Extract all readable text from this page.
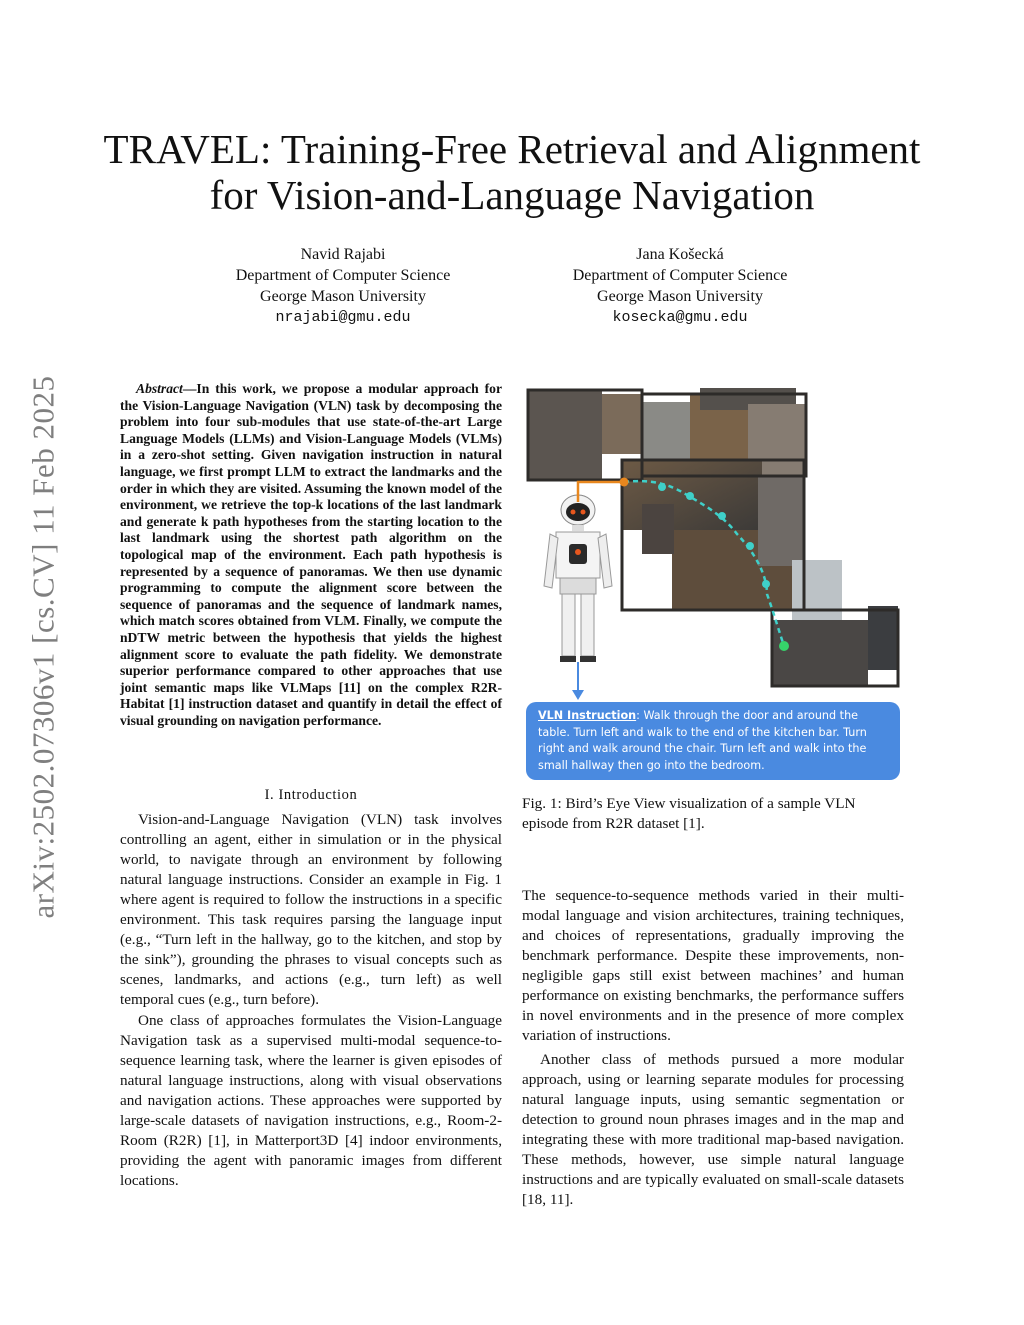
arXiv:2502.07306v1 [cs.CV] 11 Feb 2025
TRAVEL: Training-Free Retrieval and Alignment for Vision-and-Language Navigation
Navid Rajabi
Department of Computer Science
George Mason University
nrajabi@gmu.edu
Jana Košecká
Department of Computer Science
George Mason University
kosecka@gmu.edu

Abstract—In this work, we propose a modular approach for the Vision-Language Navigation (VLN) task by decomposing the problem into four sub-modules that use state-of-the-art Large Language Models (LLMs) and Vision-Language Models (VLMs) in a zero-shot setting. Given navigation instruction in natural language, we first prompt LLM to extract the landmarks and the order in which they are visited. Assuming the known model of the environment, we retrieve the top-k locations of the last landmark and generate k path hypotheses from the starting location to the last landmark using the shortest path algorithm on the topological map of the environment. Each path hypothesis is represented by a sequence of panoramas. We then use dynamic programming to compute the alignment score between the sequence of panoramas and the sequence of landmark names, which match scores obtained from VLM. Finally, we compute the nDTW metric between the hypothesis that yields the highest alignment score to evaluate the path fidelity. We demonstrate superior performance compared to other approaches that use joint semantic maps like VLMaps [11] on the complex R2R-Habitat [1] instruction dataset and quantify in detail the effect of visual grounding on navigation performance.

I. Introduction

Vision-and-Language Navigation (VLN) task involves controlling an agent, either in simulation or in the physical world, to navigate through an environment by following natural language instructions. Consider an example in Fig. 1 where agent is required to follow the instructions in a specific environment. This task requires parsing the language input (e.g., “Turn left in the hallway, go to the kitchen, and stop by the sink”), grounding the phrases to visual concepts such as scenes, landmarks, and actions (e.g., turn left) as well temporal cues (e.g., turn before).

One class of approaches formulates the Vision-Language Navigation task as a supervised multi-modal sequence-to-sequence learning task, where the learner is given episodes of natural language instructions, along with visual observations and navigation actions. These approaches were supported by large-scale datasets of navigation instructions, e.g., Room-2-Room (R2R) [1], in Matterport3D [4] indoor environments, providing the agent with panoramic images from different locations.

VLN Instruction: Walk through the door and around the table. Turn left and walk to the end of the kitchen bar. Turn right and walk around the chair. Turn left and walk into the small hallway then go into the bedroom.

Fig. 1: Bird’s Eye View visualization of a sample VLN episode from R2R dataset [1].

The sequence-to-sequence methods varied in their multi-modal language and vision architectures, training techniques, and choices of representations, gradually improving the benchmark performance. Despite these improvements, non-negligible gaps still exist between machines’ and human performance on existing benchmarks, the performance suffers in novel environments and in the presence of more complex variation of instructions.

Another class of methods pursued a more modular approach, using or learning separate modules for processing natural language inputs, using semantic segmentation or detection to ground noun phrases images and in the map and integrating these with more traditional map-based navigation. These methods, however, use simple natural language instructions and are typically evaluated on small-scale datasets [18, 11].
